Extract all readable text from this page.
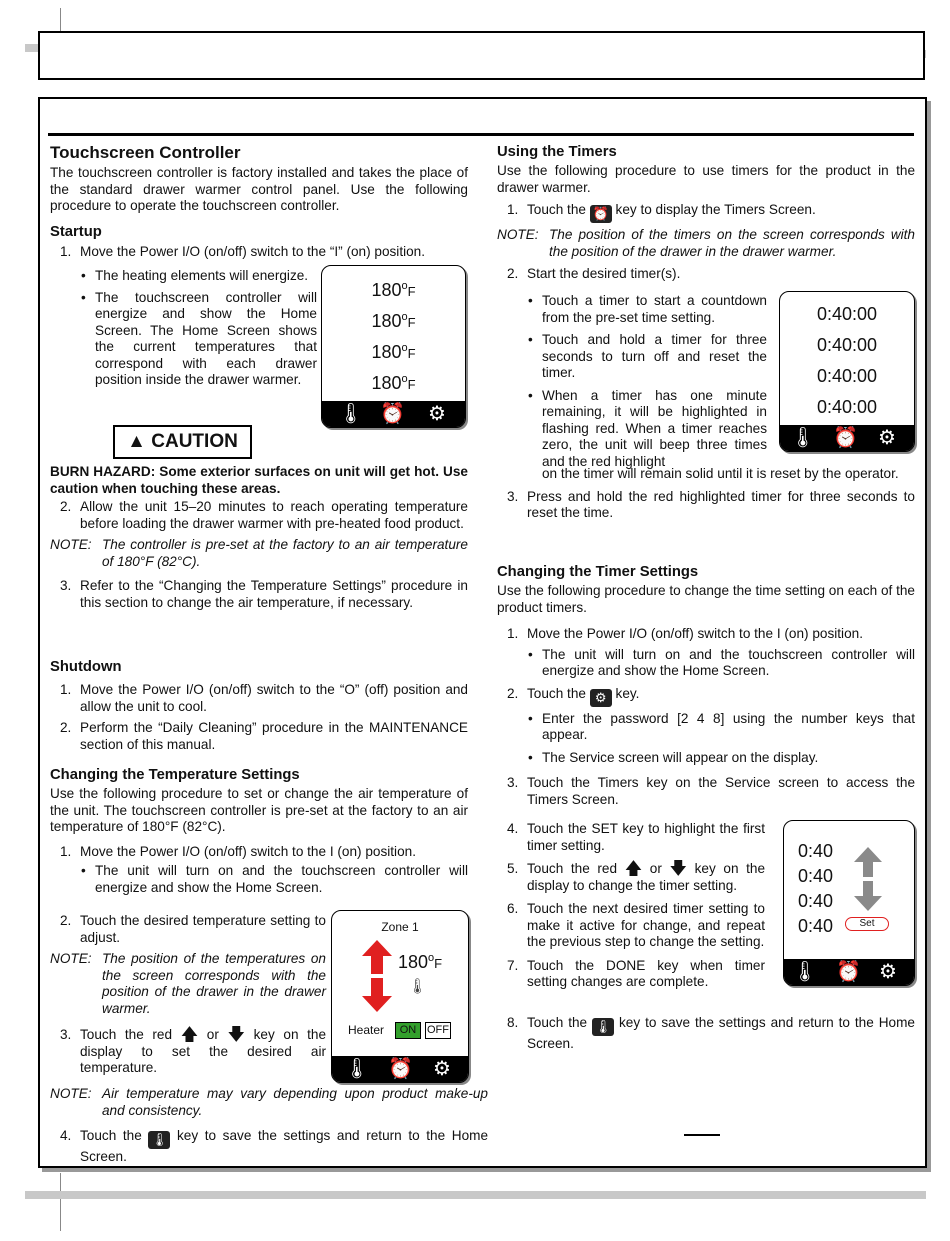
Touchscreen Controller

The touchscreen controller is factory installed and takes the place of the standard drawer warmer control panel. Use the following procedure to operate the touchscreen controller.

Startup
1. Move the Power I/O (on/off) switch to the “I” (on) position.
• The heating elements will energize.
• The touchscreen controller will energize and show the Home Screen. The Home Screen shows the current temperatures that correspond with each drawer position inside the drawer warmer.
180$^o$F
180$^o$F
180$^o$F
180$^o$F
🌡 ⏰ ⚙
▲ CAUTION

BURN HAZARD: Some exterior surfaces on unit will get hot. Use caution when touching these areas.

2. Allow the unit 15–20 minutes to reach operating temperature before loading the drawer warmer with pre-heated food product.
NOTE: The controller is pre-set at the factory to an air temperature of 180°F (82°C).
3. Refer to the “Changing the Temperature Settings” procedure in this section to change the air temperature, if necessary.
Shutdown
1. Move the Power I/O (on/off) switch to the “O” (off) position and allow the unit to cool.
2. Perform the “Daily Cleaning” procedure in the MAINTENANCE section of this manual.
Changing the Temperature Settings

Use the following procedure to set or change the air temperature of the unit. The touchscreen controller is pre-set at the factory to an air temperature of 180°F (82°C).

1. Move the Power I/O (on/off) switch to the I (on) position.
• The unit will turn on and the touchscreen controller will energize and show the Home Screen.
2. Touch the desired temperature setting to adjust.
NOTE: The position of the temperatures on the screen corresponds with the position of the drawer in the drawer warmer.
3. Touch the red 🡅 or 🡇 key on the display to set the desired air temperature.
Zone 1
180$^o$F
🌡
Heater	ON OFF
🌡 ⏰ ⚙
NOTE: Air temperature may vary depending upon product make-up and consistency.
4. Touch the 🌡 key to save the settings and return to the Home Screen.
Using the Timers

Use the following procedure to use timers for the product in the drawer warmer.

1. Touch the ⏰ key to display the Timers Screen.
NOTE: The position of the timers on the screen corresponds with the position of the drawer in the drawer warmer.
2. Start the desired timer(s).
• Touch a timer to start a countdown from the pre-set time setting.
• Touch and hold a timer for three seconds to turn off and reset the timer.
• When a timer has one minute remaining, it will be highlighted in flashing red. When a timer reaches zero, the unit will beep three times and the red highlight
on the timer will remain solid until it is reset by the operator.
3. Press and hold the red highlighted timer for three seconds to reset the time.
0:40:00
0:40:00
0:40:00
0:40:00
🌡 ⏰ ⚙
Changing the Timer Settings

Use the following procedure to change the time setting on each of the product timers.

1. Move the Power I/O (on/off) switch to the I (on) position.
• The unit will turn on and the touchscreen controller will energize and show the Home Screen.
2. Touch the ⚙ key.
• Enter the password [2 4 8] using the number keys that appear.
• The Service screen will appear on the display.
3. Touch the Timers key on the Service screen to access the Timers Screen.
4. Touch the SET key to highlight the first timer setting.
5. Touch the red 🡅 or 🡇 key on the display to change the timer setting.
6. Touch the next desired timer setting to make it active for change, and repeat the previous step to change the setting.
7. Touch the DONE key when timer setting changes are complete.
8. Touch the 🌡 key to save the settings and return to the Home Screen.
0:40
0:40
0:40
0:40	Set
🌡 ⏰ ⚙
